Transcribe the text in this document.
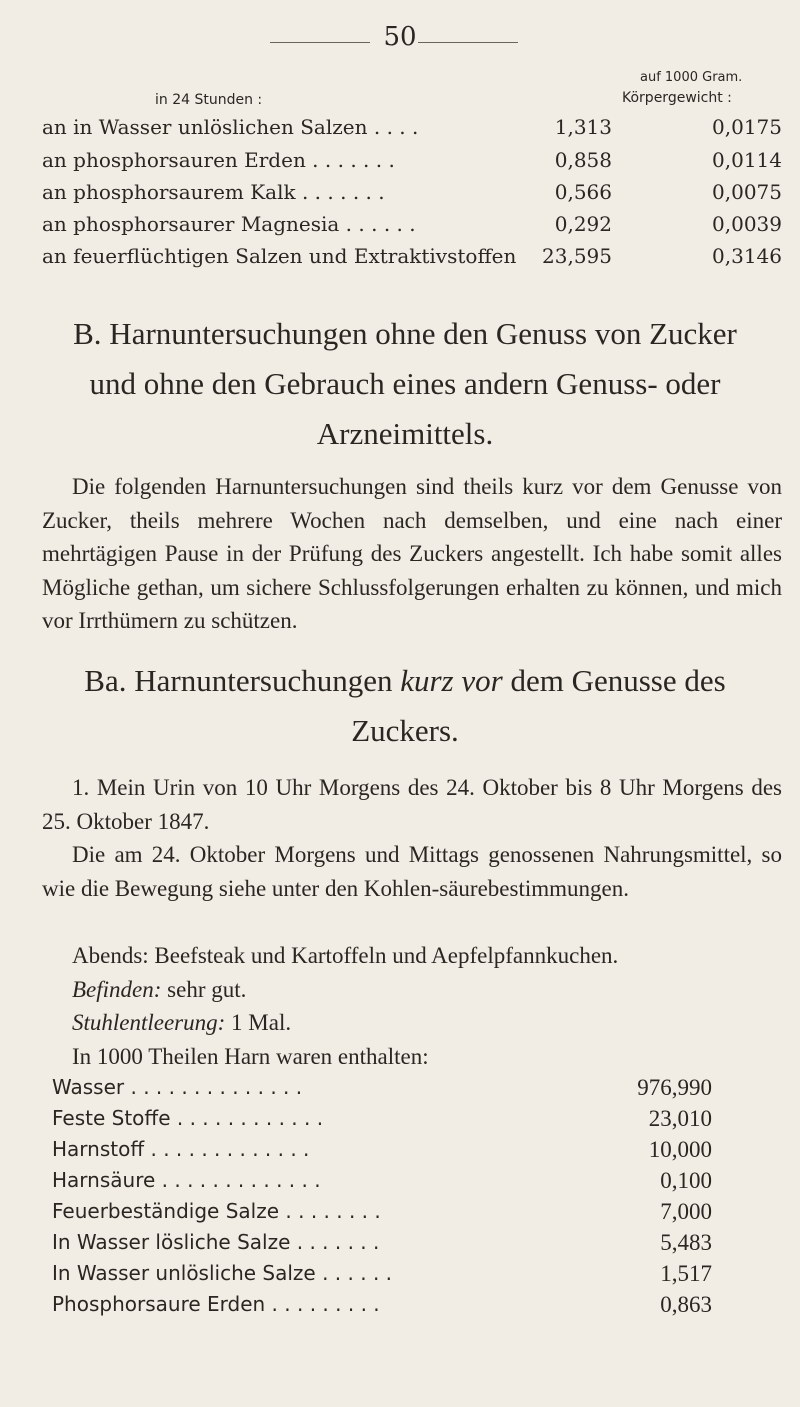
50
in 24 Stunden :
auf 1000 Gram.
Körpergewicht :
an in Wasser unlöslichen Salzen . . . .	1,313	0,0175
an phosphorsauren Erden . . . . . . .	0,858	0,0114
an phosphorsaurem Kalk . . . . . . .	0,566	0,0075
an phosphorsaurer Magnesia . . . . . .	0,292	0,0039
an feuerflüchtigen Salzen und Extraktivstoffen 23,595	0,3146
B. Harnuntersuchungen ohne den Genuss von Zucker
und ohne den Gebrauch eines andern Genuss- oder
Arzneimittels.
Die folgenden Harnuntersuchungen sind theils kurz vor dem Genusse von Zucker, theils mehrere Wochen nach demselben, und eine nach einer mehrtägigen Pause in der Prüfung des Zuckers angestellt. Ich habe somit alles Mögliche gethan, um sichere Schlussfolgerungen erhalten zu können, und mich vor Irrthümern zu schützen.
Ba. Harnuntersuchungen kurz vor dem Genusse des
Zuckers.
1. Mein Urin von 10 Uhr Morgens des 24. Oktober bis 8 Uhr Morgens des 25. Oktober 1847.
Die am 24. Oktober Morgens und Mittags genossenen Nahrungsmittel, so wie die Bewegung siehe unter den Kohlen-säurebestimmungen.
Abends: Beefsteak und Kartoffeln und Aepfelpfannkuchen.
Befinden: sehr gut.
Stuhlentleerung: 1 Mal.
In 1000 Theilen Harn waren enthalten:
Wasser . . . . . . . . . . . . . .	976,990
Feste Stoffe . . . . . . . . . . . .	23,010
Harnstoff . . . . . . . . . . . . .	10,000
Harnsäure . . . . . . . . . . . . .	0,100
Feuerbeständige Salze . . . . . . . .	7,000
In Wasser lösliche Salze . . . . . . .	5,483
In Wasser unlösliche Salze . . . . . .	1,517
Phosphorsaure Erden . . . . . . . . .	0,863
